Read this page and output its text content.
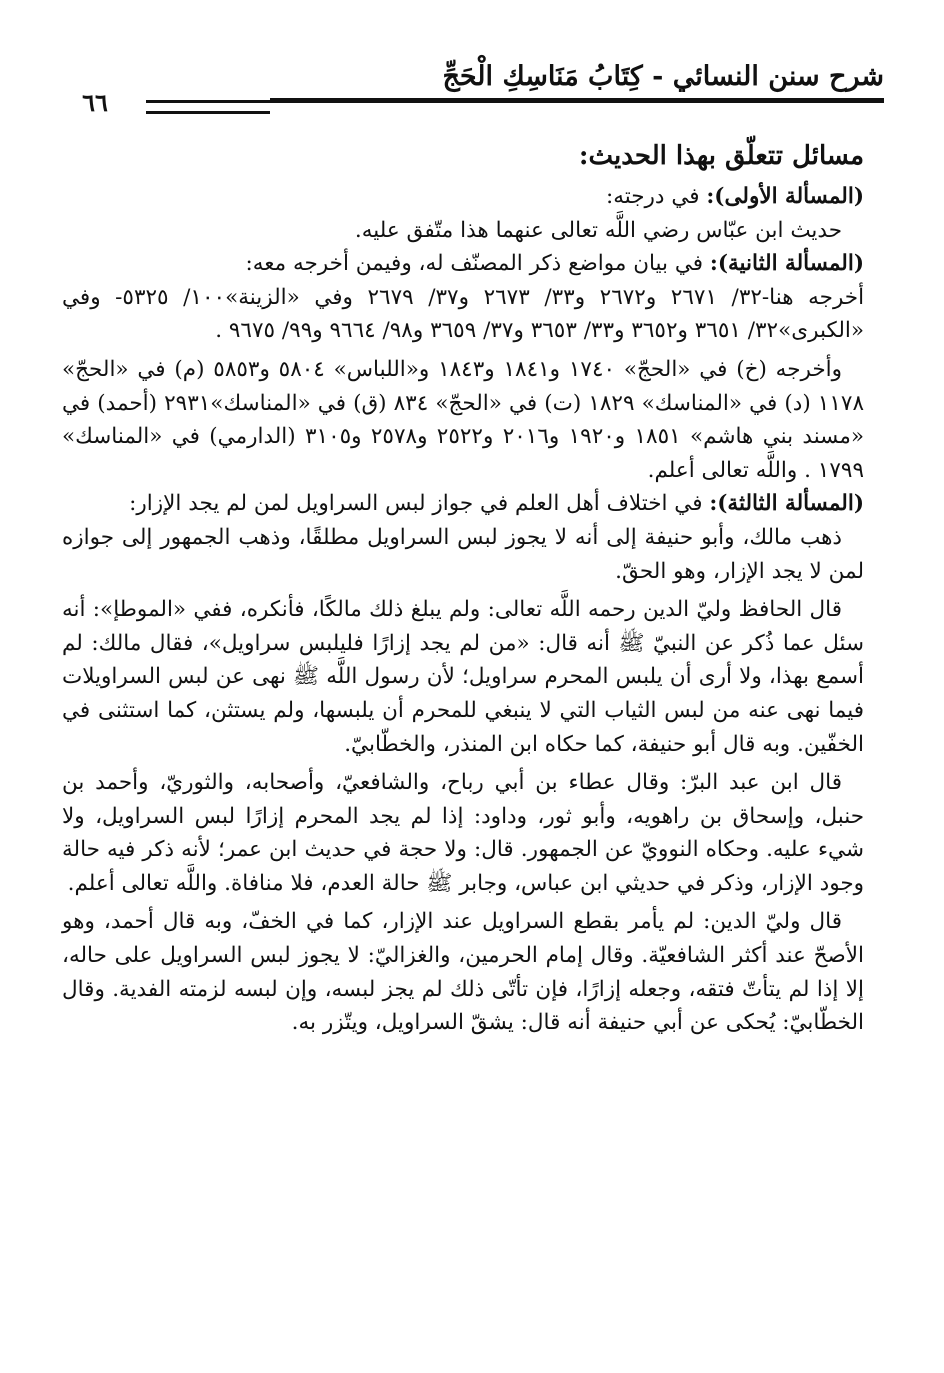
شرح سنن النسائي - كِتَابُ مَنَاسِكِ الْحَجِّ
٦٦

مسائل تتعلّق بهذا الحديث:

(المسألة الأولى): في درجته:

حديث ابن عبّاس رضي اللَّه تعالى عنهما هذا متّفق عليه.

(المسألة الثانية): في بيان مواضع ذكر المصنّف له، وفيمن أخرجه معه:

أخرجه هنا-٣٢/ ٢٦٧١ و٢٦٧٢ و٣٣/ ٢٦٧٣ و٣٧/ ٢٦٧٩ وفي «الزينة»١٠٠/ ٥٣٢٥- وفي «الكبرى»٣٢/ ٣٦٥١ و٣٦٥٢ و٣٣/ ٣٦٥٣ و٣٧/ ٣٦٥٩ و٩٨/ ٩٦٦٤ و٩٩/ ٩٦٧٥ .

وأخرجه (خ) في «الحجّ» ١٧٤٠ و١٨٤١ و١٨٤٣ و«اللباس» ٥٨٠٤ و٥٨٥٣ (م) في «الحجّ» ١١٧٨ (د) في «المناسك» ١٨٢٩ (ت) في «الحجّ» ٨٣٤ (ق) في «المناسك»٢٩٣١ (أحمد) في «مسند بني هاشم» ١٨٥١ و١٩٢٠ و٢٠١٦ و٢٥٢٢ و٢٥٧٨ و٣١٠٥ (الدارمي) في «المناسك» ١٧٩٩ . واللَّه تعالى أعلم.

(المسألة الثالثة): في اختلاف أهل العلم في جواز لبس السراويل لمن لم يجد الإزار:

ذهب مالك، وأبو حنيفة إلى أنه لا يجوز لبس السراويل مطلقًا، وذهب الجمهور إلى جوازه لمن لا يجد الإزار، وهو الحقّ.

قال الحافظ وليّ الدين رحمه اللَّه تعالى: ولم يبلغ ذلك مالكًا، فأنكره، ففي «الموطإ»: أنه سئل عما ذُكر عن النبيّ ﷺ أنه قال: «من لم يجد إزارًا فليلبس سراويل»، فقال مالك: لم أسمع بهذا، ولا أرى أن يلبس المحرم سراويل؛ لأن رسول اللَّه ﷺ نهى عن لبس السراويلات فيما نهى عنه من لبس الثياب التي لا ينبغي للمحرم أن يلبسها، ولم يستثن، كما استثنى في الخفّين. وبه قال أبو حنيفة، كما حكاه ابن المنذر، والخطّابيّ.

قال ابن عبد البرّ: وقال عطاء بن أبي رباح، والشافعيّ، وأصحابه، والثوريّ، وأحمد بن حنبل، وإسحاق بن راهويه، وأبو ثور، وداود: إذا لم يجد المحرم إزارًا لبس السراويل، ولا شيء عليه. وحكاه النوويّ عن الجمهور. قال: ولا حجة في حديث ابن عمر؛ لأنه ذكر فيه حالة وجود الإزار، وذكر في حديثي ابن عباس، وجابر ﷺ حالة العدم، فلا منافاة. واللَّه تعالى أعلم.

قال وليّ الدين: لم يأمر بقطع السراويل عند الإزار، كما في الخفّ، وبه قال أحمد، وهو الأصحّ عند أكثر الشافعيّة. وقال إمام الحرمين، والغزاليّ: لا يجوز لبس السراويل على حاله، إلا إذا لم يتأتّ فتقه، وجعله إزارًا، فإن تأتّى ذلك لم يجز لبسه، وإن لبسه لزمته الفدية. وقال الخطّابيّ: يُحكى عن أبي حنيفة أنه قال: يشقّ السراويل، ويتّزر به.
